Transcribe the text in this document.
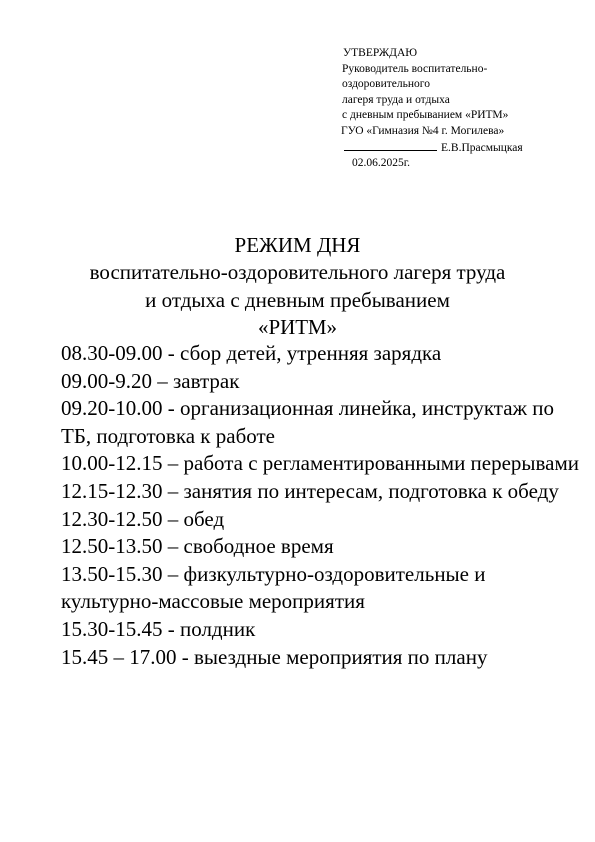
УТВЕРЖДАЮ
Руководитель воспитательно-
оздоровительного
лагеря труда и отдыха
с дневным пребыванием «РИТМ»
ГУО «Гимназия №4 г. Могилева»
Е.В.Прасмыцкая
02.06.2025г.
РЕЖИМ ДНЯ
воспитательно-оздоровительного лагеря труда
и отдыха с дневным пребыванием
«РИТМ»
08.30-09.00 - сбор детей, утренняя зарядка
09.00-9.20 – завтрак
09.20-10.00 - организационная линейка, инструктаж по ТБ, подготовка к работе
10.00-12.15 – работа с регламентированными перерывами
12.15-12.30 – занятия по интересам, подготовка к обеду
12.30-12.50 – обед
12.50-13.50 – свободное время
13.50-15.30 – физкультурно-оздоровительные и культурно-массовые мероприятия
15.30-15.45 - полдник
15.45 – 17.00 - выездные мероприятия по плану
